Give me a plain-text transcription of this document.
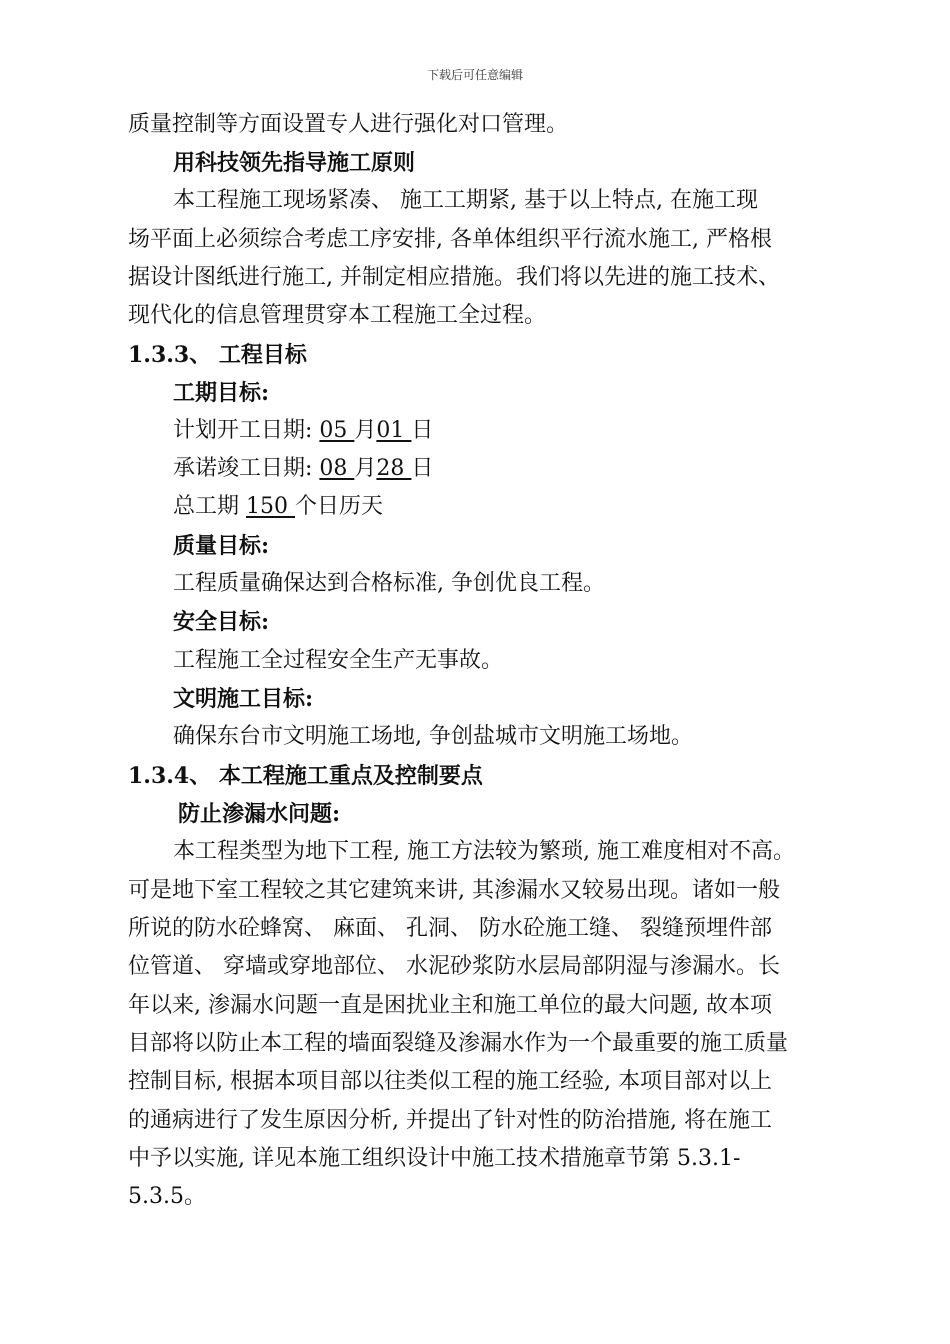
下载后可任意编辑
质量控制等方面设置专人进行强化对口管理。
用科技领先指导施工原则
本工程施工现场紧凑、 施工工期紧, 基于以上特点, 在施工现
场平面上必须综合考虑工序安排, 各单体组织平行流水施工, 严格根
据设计图纸进行施工, 并制定相应措施。我们将以先进的施工技术、
现代化的信息管理贯穿本工程施工全过程。
1.3.3、 工程目标
工期目标:
计划开工日期: 05 月01 日
承诺竣工日期: 08 月28 日
总工期 150 个日历天
质量目标:
工程质量确保达到合格标准, 争创优良工程。
安全目标:
工程施工全过程安全生产无事故。
文明施工目标:
确保东台市文明施工场地, 争创盐城市文明施工场地。
1.3.4、 本工程施工重点及控制要点
防止渗漏水问题:
本工程类型为地下工程, 施工方法较为繁琐, 施工难度相对不高。
可是地下室工程较之其它建筑来讲, 其渗漏水又较易出现。诸如一般
所说的防水砼蜂窝、 麻面、 孔洞、 防水砼施工缝、 裂缝预埋件部
位管道、 穿墙或穿地部位、 水泥砂浆防水层局部阴湿与渗漏水。长
年以来, 渗漏水问题一直是困扰业主和施工单位的最大问题, 故本项
目部将以防止本工程的墙面裂缝及渗漏水作为一个最重要的施工质量
控制目标, 根据本项目部以往类似工程的施工经验, 本项目部对以上
的通病进行了发生原因分析, 并提出了针对性的防治措施, 将在施工
中予以实施, 详见本施工组织设计中施工技术措施章节第 5.3.1-
5.3.5。
